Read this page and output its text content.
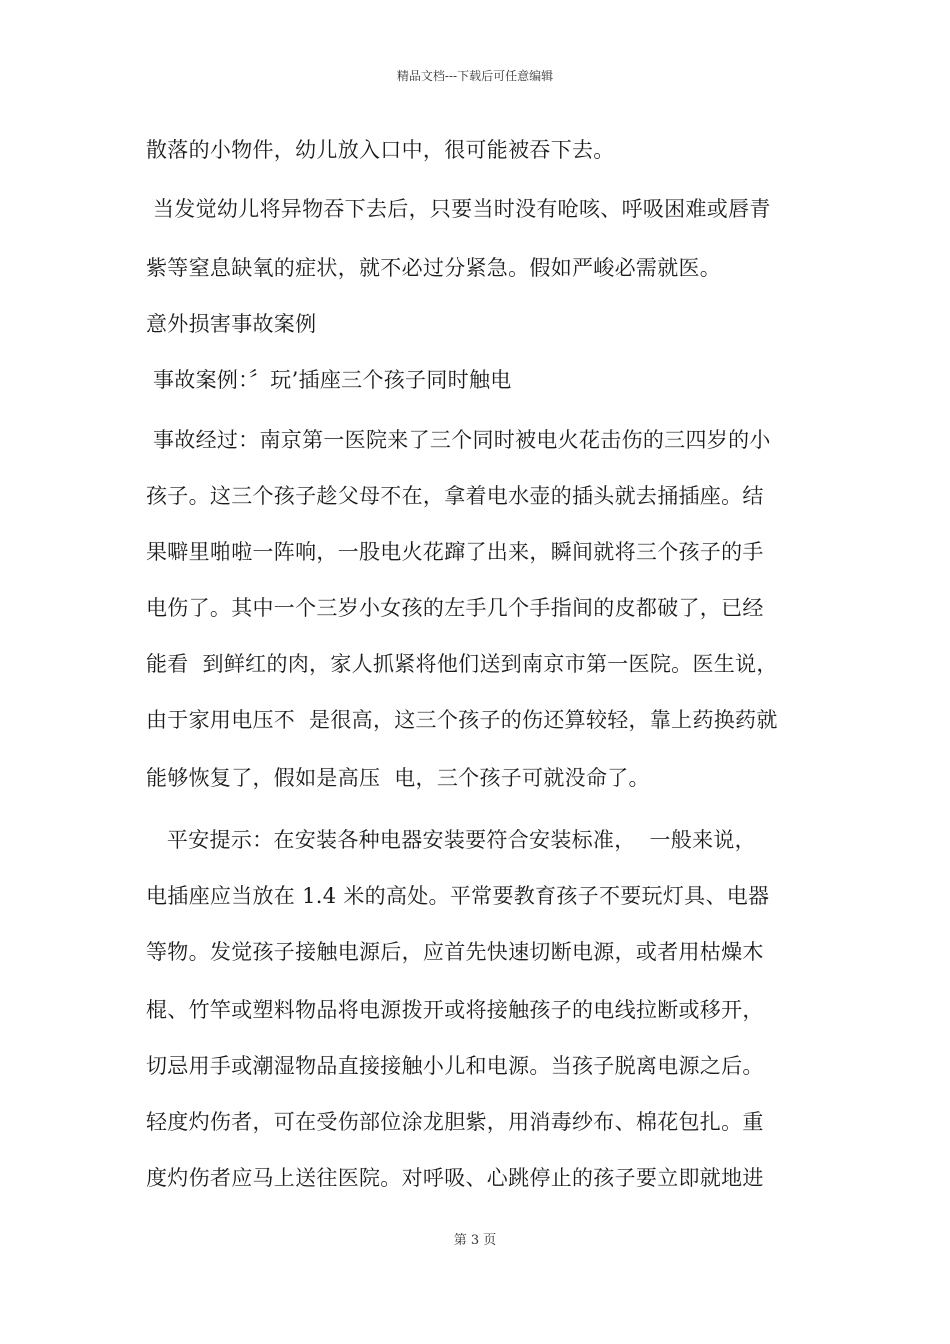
精品文档---下载后可任意编辑
散落的小物件，幼儿放入口中，很可能被吞下去。
当发觉幼儿将异物吞下去后，只要当时没有呛咳、呼吸困难或唇青
紫等窒息缺氧的症状，就不必过分紧急。假如严峻必需就医。
意外损害事故案例
事故案例：〞玩’插座三个孩子同时触电
事故经过：南京第一医院来了三个同时被电火花击伤的三四岁的小
孩子。这三个孩子趁父母不在，拿着电水壶的插头就去捅插座。结
果噼里啪啦一阵响，一股电火花蹿了出来，瞬间就将三个孩子的手
电伤了。其中一个三岁小女孩的左手几个手指间的皮都破了，已经
能看  到鲜红的肉，家人抓紧将他们送到南京市第一医院。医生说，
由于家用电压不  是很高，这三个孩子的伤还算较轻，靠上药换药就
能够恢复了，假如是高压  电，三个孩子可就没命了。
平安提示：在安装各种电器安装要符合安装标准，  一般来说，
电插座应当放在 1.4 米的高处。平常要教育孩子不要玩灯具、电器
等物。发觉孩子接触电源后，应首先快速切断电源，或者用枯燥木
棍、竹竿或塑料物品将电源拨开或将接触孩子的电线拉断或移开，
切忌用手或潮湿物品直接接触小儿和电源。当孩子脱离电源之后。
轻度灼伤者，可在受伤部位涂龙胆紫，用消毒纱布、棉花包扎。重
度灼伤者应马上送往医院。对呼吸、心跳停止的孩子要立即就地进
第 3 页
